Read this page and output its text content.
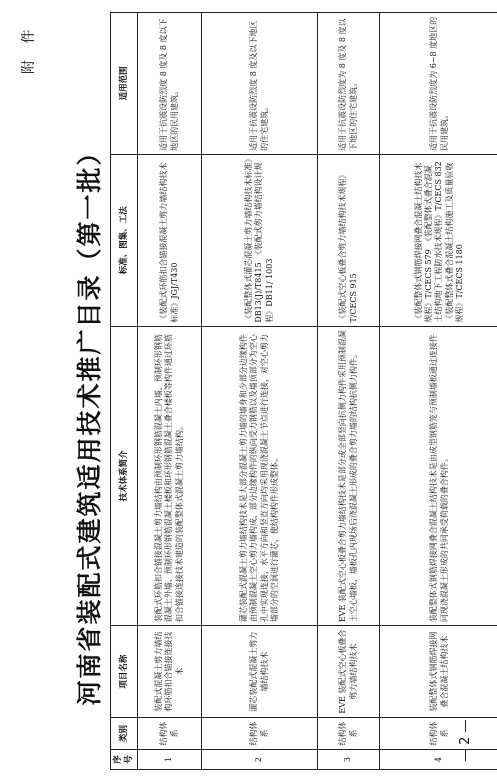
附 件
河南省装配式建筑适用技术推广目录（第一批）
序号	类别	项目名称	技术体系简介	标准、图集、工法	适用范围
1	结构体系	装配式混凝土剪力墙结构环筋扣合锚接连接技术	装配式环筋扣合锚接混凝土剪力墙结构由预制环形钢筋混凝土内墙、预制环形钢筋混凝土外墙、预制环形钢筋混凝土楼板和环形钢筋混凝土叠合楼板等构件通过环筋扣合锚接连接技术建造的装配整体式混凝土剪力墙结构。	《装配式环筋扣合锚接混凝土剪力墙结构技术标准》JGJ/T430	适用于抗震设防烈度 8 度及 8 度以下地区的民用建筑。
2	结构体系	灌芯装配式混凝土剪力墙结构技术	灌芯装配式混凝土剪力墙结构技术是大部分混凝土剪力墙的墙身和少部分边缘构件由预制混凝土空心剪力墙构成，部分边缘构件的纵向受力钢筋以及墙顶部分为空心孔中实现连接，水平方向和竖直方向均采用现浇混凝土节点进行连接，对空心剪力墙部分的空洞进行灌芯，使结构构件形成整体。	《装配整体式灌芯混凝土剪力墙结构技术标准》DB13(J)/T8415　《装配式剪力墙结构设计规程》DB11/ 1003	适用于抗震设防烈度 8 度及以下地区的住宅建筑。
3	结构体系	EVE 装配式空心板叠合剪力墙结构技术	EVE 装配式空心板叠合剪力墙结构技术是部分或全部竖向抗侧力构件采用预制混凝土空心墙板，墙板孔内现场后浇混凝土形成的叠合剪力墙的结构抗侧力构件。	《装配式空心板叠合剪力墙结构技术规程》T/CECS 915	适用于抗震设防烈度为 8 度及 8 度以下地区的住宅建筑。
4	结构体系	装配整体式钢筋焊接网叠合混凝土结构技术	装配整体式钢筋焊接网叠合混凝土结构技术是由成型钢筋笼与预制墙板通过连接件同现浇混凝土形成的共同承受荷载的叠合构件。	《装配整体式钢筋焊接网叠合混凝土结构技术规程》T/CECS 579　《装配整体式叠合混凝土结构地下工程防水技术规程》T/CECS 832　《装配整体式叠合混凝土结构施工及质量验收规程》T/CECS 1180	适用于抗震设防烈度为 6~8 度地区的民用建筑。
— 2 —
